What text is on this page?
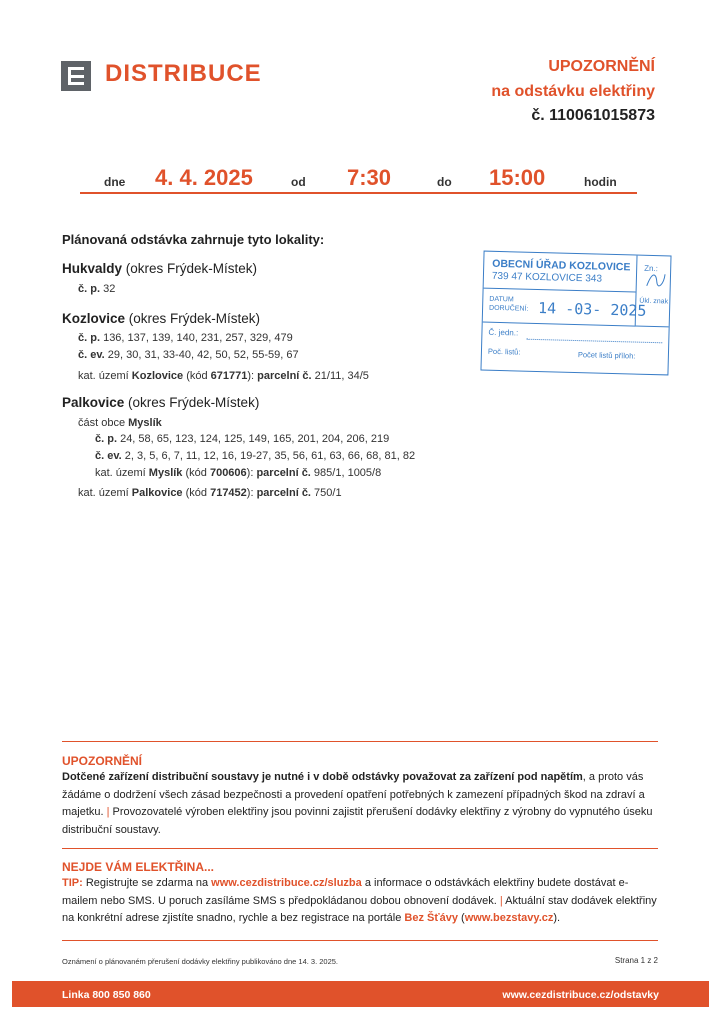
DISTRIBUCE	UPOZORNĚNÍ
na odstávku elektřiny
č. 110061015873
dne 4. 4. 2025	od 7:30	do 15:00	hodin
Plánovaná odstávka zahrnuje tyto lokality:
Hukvaldy (okres Frýdek-Místek)
č. p. 32
Kozlovice (okres Frýdek-Místek)
č. p. 136, 137, 139, 140, 231, 257, 329, 479
č. ev. 29, 30, 31, 33-40, 42, 50, 52, 55-59, 67
kat. území Kozlovice (kód 671771): parcelní č. 21/11, 34/5
Palkovice (okres Frýdek-Místek)
část obce Myslík
č. p. 24, 58, 65, 123, 124, 125, 149, 165, 201, 204, 206, 219
č. ev. 2, 3, 5, 6, 7, 11, 12, 16, 19-27, 35, 56, 61, 63, 66, 68, 81, 82
kat. území Myslík (kód 700606): parcelní č. 985/1, 1005/8
kat. území Palkovice (kód 717452): parcelní č. 750/1
OBECNÍ ÚŘAD KOZLOVICE
739 47 KOZLOVICE 343
Zn.:
DATUM
DORUČENÍ: 14 -03- 2025
Úkl. znak
Č. jedn.:
Poč. listů:	Počet listů příloh:
UPOZORNĚNÍ
Dotčené zařízení distribuční soustavy je nutné i v době odstávky považovat za zařízení pod napětím, a proto vás žádáme o dodržení všech zásad bezpečnosti a provedení opatření potřebných k zamezení případných škod na zdraví a majetku. | Provozovatelé výroben elektřiny jsou povinni zajistit přerušení dodávky elektřiny z výrobny do vypnutého úseku distribuční soustavy.
NEJDE VÁM ELEKTŘINA...
TIP: Registrujte se zdarma na www.cezdistribuce.cz/sluzba a informace o odstávkách elektřiny budete dostávat e-mailem nebo SMS. U poruch zasíláme SMS s předpokládanou dobou obnovení dodávek. | Aktuální stav dodávek elektřiny na konkrétní adrese zjistíte snadno, rychle a bez registrace na portále Bez Šťávy (www.bezstavy.cz).
Oznámení o plánovaném přerušení dodávky elektřiny publikováno dne 14. 3. 2025.	Strana 1 z 2
Linka 800 850 860	www.cezdistribuce.cz/odstavky
